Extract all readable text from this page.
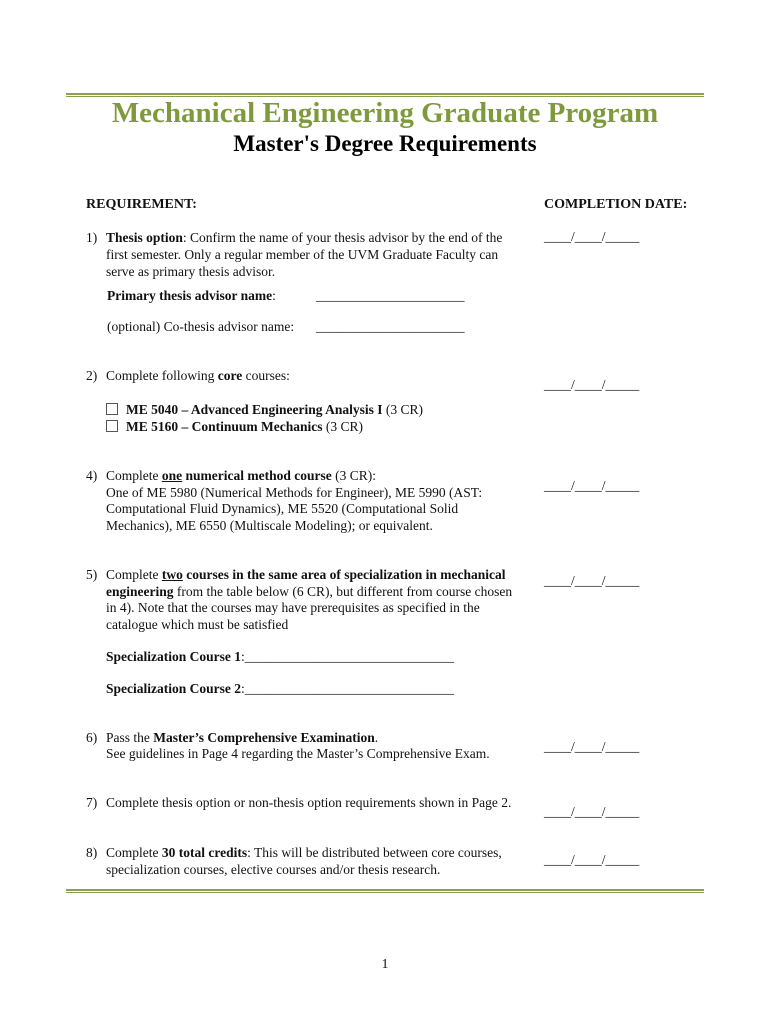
Mechanical Engineering Graduate Program
Master's Degree Requirements
REQUIREMENT:	COMPLETION DATE:
1) Thesis option: Confirm the name of your thesis advisor by the end of the
first semester. Only a regular member of the UVM Graduate Faculty can
serve as primary thesis advisor.
____/____/_____
Primary thesis advisor name:	______________________
(optional) Co-thesis advisor name: ______________________
2) Complete following core courses:
____/____/_____
ME 5040 – Advanced Engineering Analysis I (3 CR)
ME 5160 – Continuum Mechanics (3 CR)
4) Complete one numerical method course (3 CR):
One of ME 5980 (Numerical Methods for Engineer), ME 5990 (AST:
Computational Fluid Dynamics), ME 5520 (Computational Solid
Mechanics), ME 6550 (Multiscale Modeling); or equivalent.
____/____/_____
5) Complete two courses in the same area of specialization in mechanical
engineering from the table below (6 CR), but different from course chosen
in 4). Note that the courses may have prerequisites as specified in the
catalogue which must be satisfied
____/____/_____
Specialization Course 1:_______________________________
Specialization Course 2:_______________________________
6) Pass the Master’s Comprehensive Examination.
See guidelines in Page 4 regarding the Master’s Comprehensive Exam.	____/____/_____
7) Complete thesis option or non-thesis option requirements shown in Page 2.
____/____/_____
8) Complete 30 total credits: This will be distributed between core courses,
specialization courses, elective courses and/or thesis research.
____/____/_____
1
